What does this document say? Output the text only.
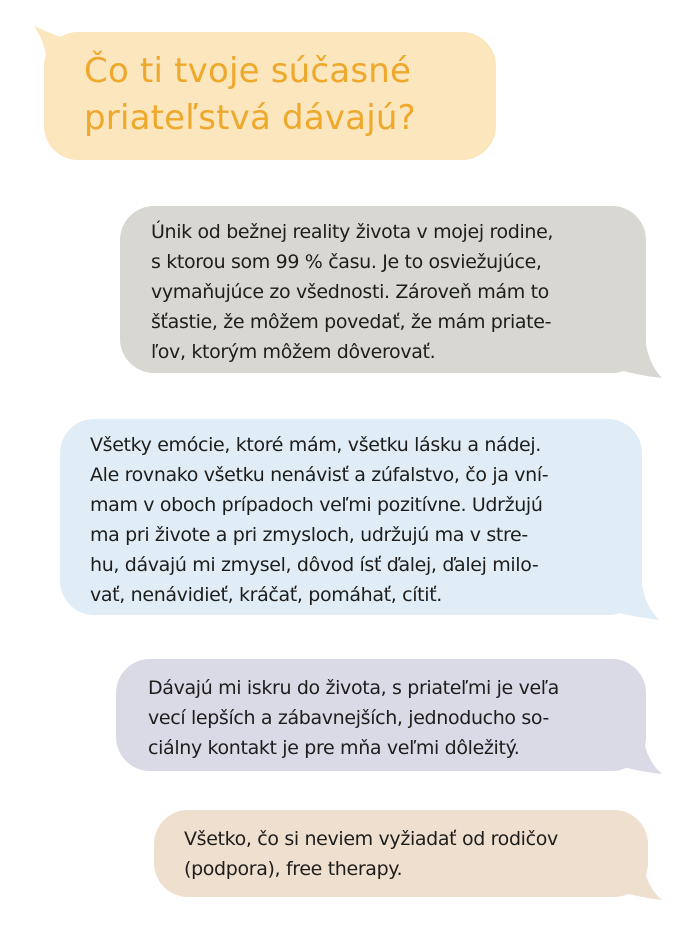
Čo ti tvoje súčasné
priateľstvá dávajú?

Únik od bežnej reality života v mojej rodine,
s ktorou som 99 % času. Je to osviežujúce,
vymaňujúce zo všednosti. Zároveň mám to
šťastie, že môžem povedať, že mám priate-
ľov, ktorým môžem dôverovať.

Všetky emócie, ktoré mám, všetku lásku a nádej.
Ale rovnako všetku nenávisť a zúfalstvo, čo ja vní-
mam v oboch prípadoch veľmi pozitívne. Udržujú
ma pri živote a pri zmysloch, udržujú ma v stre-
hu, dávajú mi zmysel, dôvod ísť ďalej, ďalej milo-
vať, nenávidieť, kráčať, pomáhať, cítiť.

Dávajú mi iskru do života, s priateľmi je veľa
vecí lepších a zábavnejších, jednoducho so-
ciálny kontakt je pre mňa veľmi dôležitý.

Všetko, čo si neviem vyžiadať od rodičov
(podpora), free therapy.
